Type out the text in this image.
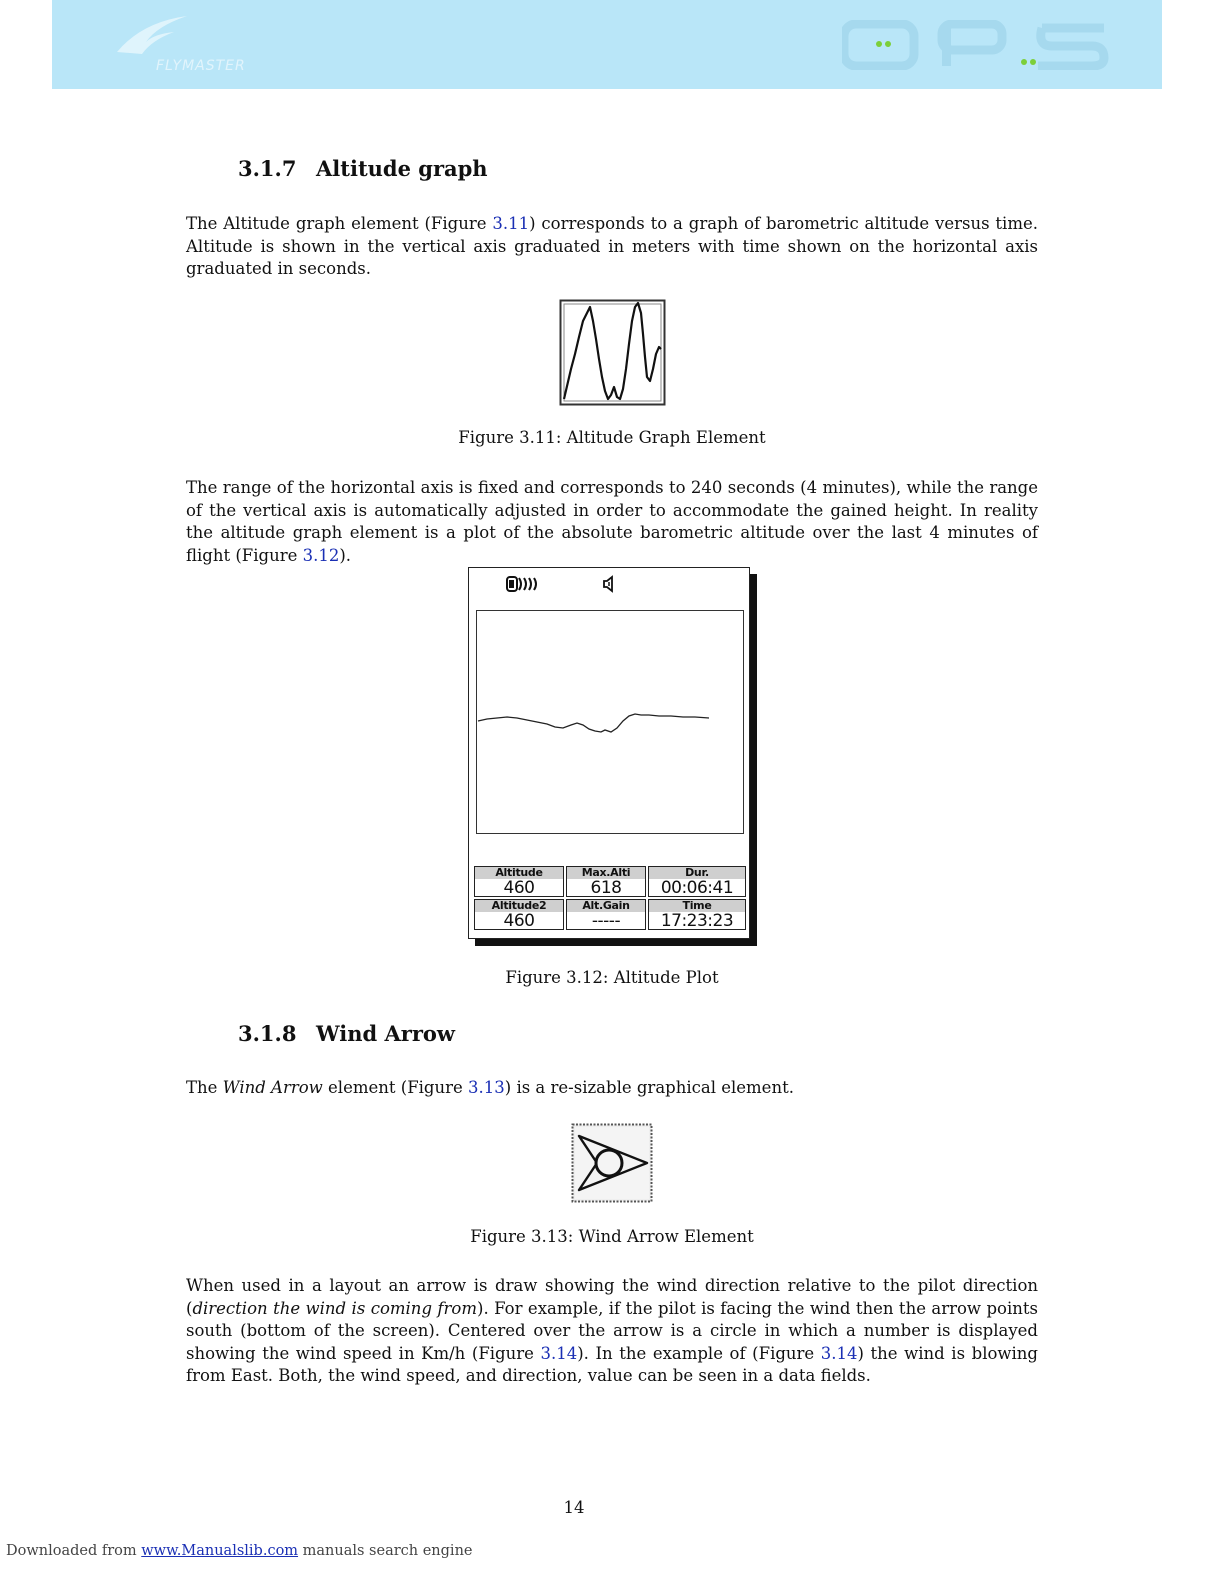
FLYMASTER
3.1.7 Altitude graph
The Altitude graph element (Figure 3.11) corresponds to a graph of barometric altitude versus time. Altitude is shown in the vertical axis graduated in meters with time shown on the horizontal axis graduated in seconds.
Figure 3.11: Altitude Graph Element
The range of the horizontal axis is fixed and corresponds to 240 seconds (4 minutes), while the range of the vertical axis is automatically adjusted in order to accommodate the gained height. In reality the altitude graph element is a plot of the absolute barometric altitude over the last 4 minutes of flight (Figure 3.12).
Altitude
460
Max.Alti
618
Dur.
00:06:41
Altitude2
460
Alt.Gain
-----
Time
17:23:23
Figure 3.12: Altitude Plot
3.1.8 Wind Arrow
The Wind Arrow element (Figure 3.13) is a re-sizable graphical element.
Figure 3.13: Wind Arrow Element
When used in a layout an arrow is draw showing the wind direction relative to the pilot direction (direction the wind is coming from). For example, if the pilot is facing the wind then the arrow points south (bottom of the screen). Centered over the arrow is a circle in which a number is displayed showing the wind speed in Km/h (Figure 3.14). In the example of (Figure 3.14) the wind is blowing from East. Both, the wind speed, and direction, value can be seen in a data fields.
14
Downloaded from www.Manualslib.com manuals search engine
